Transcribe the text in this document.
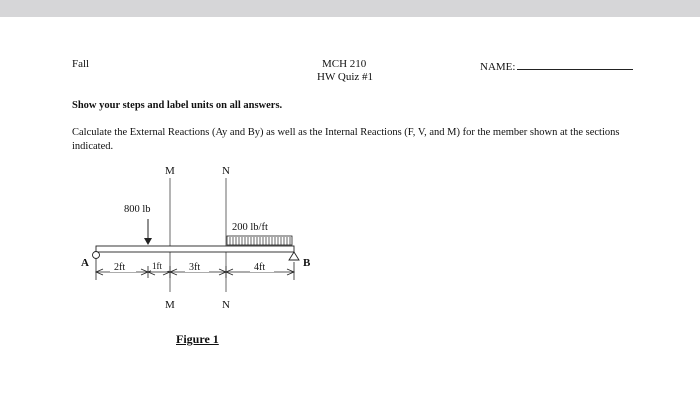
Fall	MCH 210
HW Quiz #1
NAME:
Show your steps and label units on all answers.
Calculate the External Reactions (Ay and By) as well as the Internal Reactions (F, V, and M) for the member shown at the sections indicated.
M	N
M	N
800 lb
200 lb/ft
A	B
2ft	1ft	3ft	4ft
Figure 1
